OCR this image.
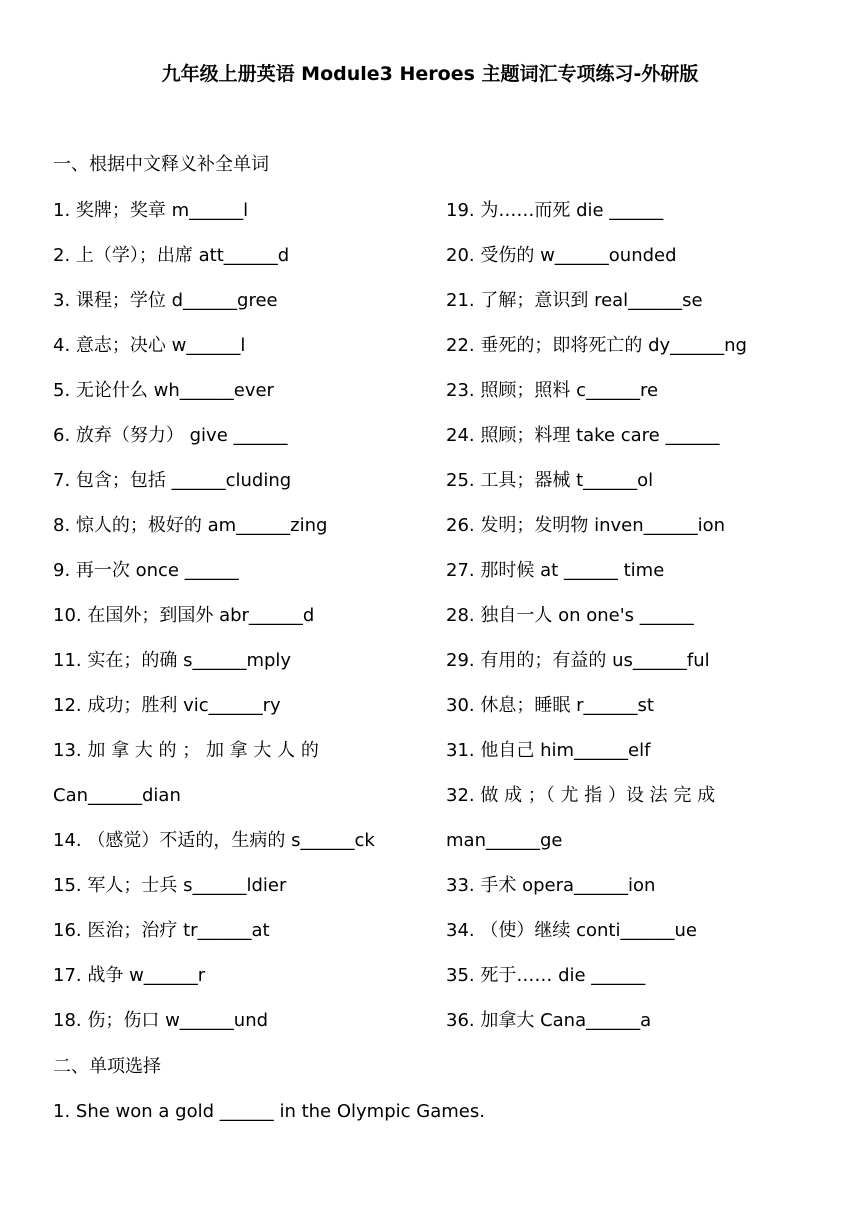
九年级上册英语 Module3 Heroes 主题词汇专项练习-外研版
一、根据中文释义补全单词
1. 奖牌；奖章 m______l
2. 上（学）；出席 att______d
3. 课程；学位 d______gree
4. 意志；决心 w______l
5. 无论什么 wh______ever
6. 放弃（努力） give ______
7. 包含；包括 ______cluding
8. 惊人的；极好的 am______zing
9. 再一次 once ______
10. 在国外；到国外 abr______d
11. 实在；的确 s______mply
12. 成功；胜利 vic______ry
13. 加 拿 大 的 ； 加 拿 大 人 的
Can______dian
14. （感觉）不适的，生病的 s______ck
15. 军人；士兵 s______ldier
16. 医治；治疗 tr______at
17. 战争 w______r
18. 伤；伤口 w______und
19. 为……而死 die ______
20. 受伤的 w______ounded
21. 了解；意识到 real______se
22. 垂死的；即将死亡的 dy______ng
23. 照顾；照料 c______re
24. 照顾；料理 take care ______
25. 工具；器械 t______ol
26. 发明；发明物 inven______ion
27. 那时候 at ______ time
28. 独自一人 on one's ______
29. 有用的；有益的 us______ful
30. 休息；睡眠 r______st
31. 他自己 him______elf
32. 做 成 ；（ 尤 指 ）设 法 完 成
man______ge
33. 手术 opera______ion
34. （使）继续 conti______ue
35. 死于…… die ______
36. 加拿大 Cana______a
二、单项选择
1. She won a gold ______ in the Olympic Games.
